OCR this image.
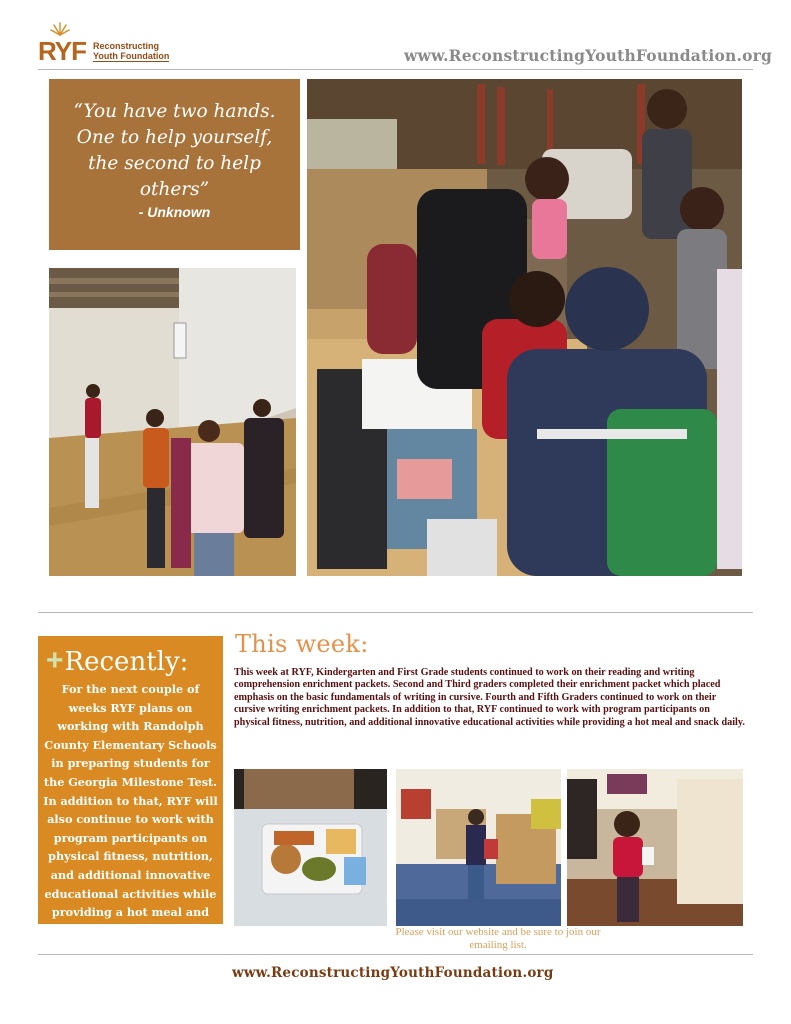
RYF Reconstructing
Youth Foundation	www.ReconstructingYouthFoundation.org
“You have two hands. One to help yourself, the second to help others”
- Unknown
+Recently:
For the next couple of weeks RYF plans on working with Randolph County Elementary Schools in preparing students for the Georgia Milestone Test. In addition to that, RYF will also continue to work with program participants on physical fitness, nutrition, and additional innovative educational activities while providing a hot meal and snack daily.
This week:
This week at RYF, Kindergarten and First Grade students continued to work on their reading and writing comprehension enrichment packets. Second and Third graders completed their enrichment packet which placed emphasis on the basic fundamentals of writing in cursive. Fourth and Fifth Graders continued to work on their cursive writing enrichment packets. In addition to that, RYF continued to work with program participants on physical fitness, nutrition, and additional innovative educational activities while providing a hot meal and snack daily.
Please visit our website and be sure to join our emailing list.
www.ReconstructingYouthFoundation.org
